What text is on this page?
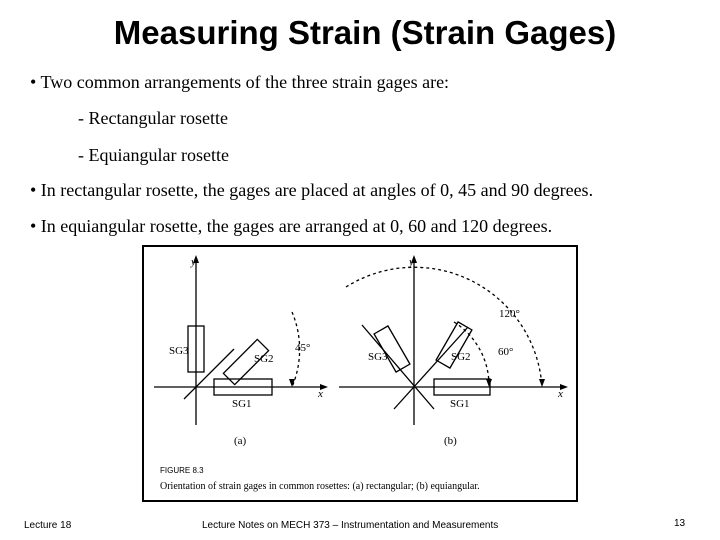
Measuring Strain (Strain Gages)
• Two common arrangements of the three strain gages are:
- Rectangular rosette
- Equiangular rosette
• In rectangular rosette, the gages are placed at angles of 0, 45 and 90 degrees.
• In equiangular rosette, the gages are arranged at 0, 60 and 120 degrees.
y
x
SG3
SG2
SG1
45°
(a)
y
x
SG3	SG2
SG1
120°
60°
(b)
FIGURE 8.3
Orientation of strain gages in common rosettes: (a) rectangular; (b) equiangular.
Lecture 18	Lecture Notes on MECH 373 – Instrumentation and Measurements	13
